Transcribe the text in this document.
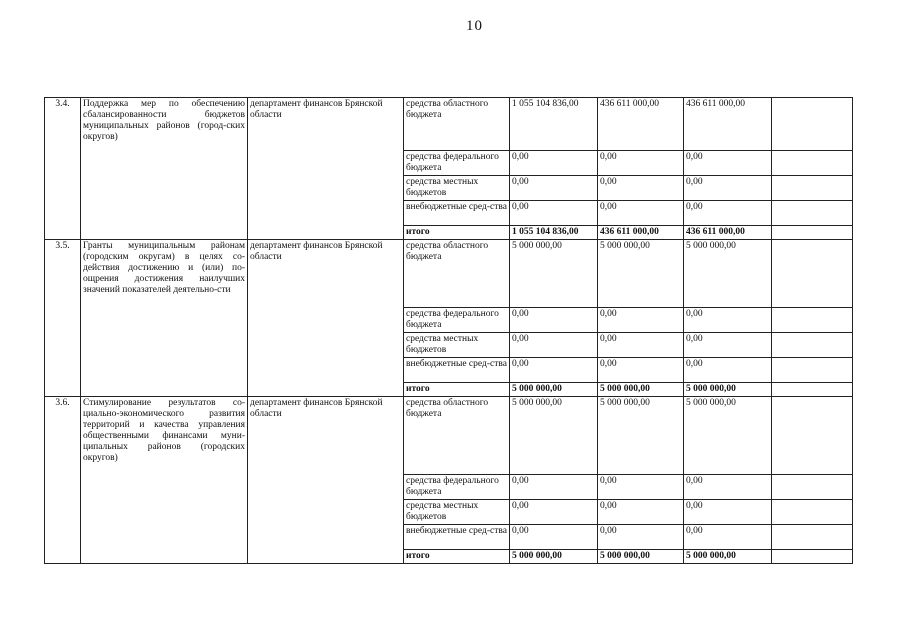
10
3.4.	Поддержка мер по обеспечению сбалансированности бюджетов муниципальных районов (город-ских округов)	департамент финансов Брянской области	средства областного бюджета	1 055 104 836,00	436 611 000,00	436 611 000,00	
			средства федерального бюджета	0,00	0,00	0,00	
			средства местных бюджетов	0,00	0,00	0,00	
			внебюджетные сред-ства	0,00	0,00	0,00	
			итого	1 055 104 836,00	436 611 000,00	436 611 000,00	
3.5.	Гранты муниципальным районам (городским округам) в целях со-действия достижению и (или) по-ощрения достижения наилучших значений показателей деятельно-сти	департамент финансов Брянской области	средства областного бюджета	5 000 000,00	5 000 000,00	5 000 000,00	
			средства федерального бюджета	0,00	0,00	0,00	
			средства местных бюджетов	0,00	0,00	0,00	
			внебюджетные сред-ства	0,00	0,00	0,00	
			итого	5 000 000,00	5 000 000,00	5 000 000,00	
3.6.	Стимулирование результатов со-циально-экономического развития территорий и качества управления общественными финансами муни-ципальных районов (городских округов)	департамент финансов Брянской области	средства областного бюджета	5 000 000,00	5 000 000,00	5 000 000,00	
			средства федерального бюджета	0,00	0,00	0,00	
			средства местных бюджетов	0,00	0,00	0,00	
			внебюджетные сред-ства	0,00	0,00	0,00	
			итого	5 000 000,00	5 000 000,00	5 000 000,00	
